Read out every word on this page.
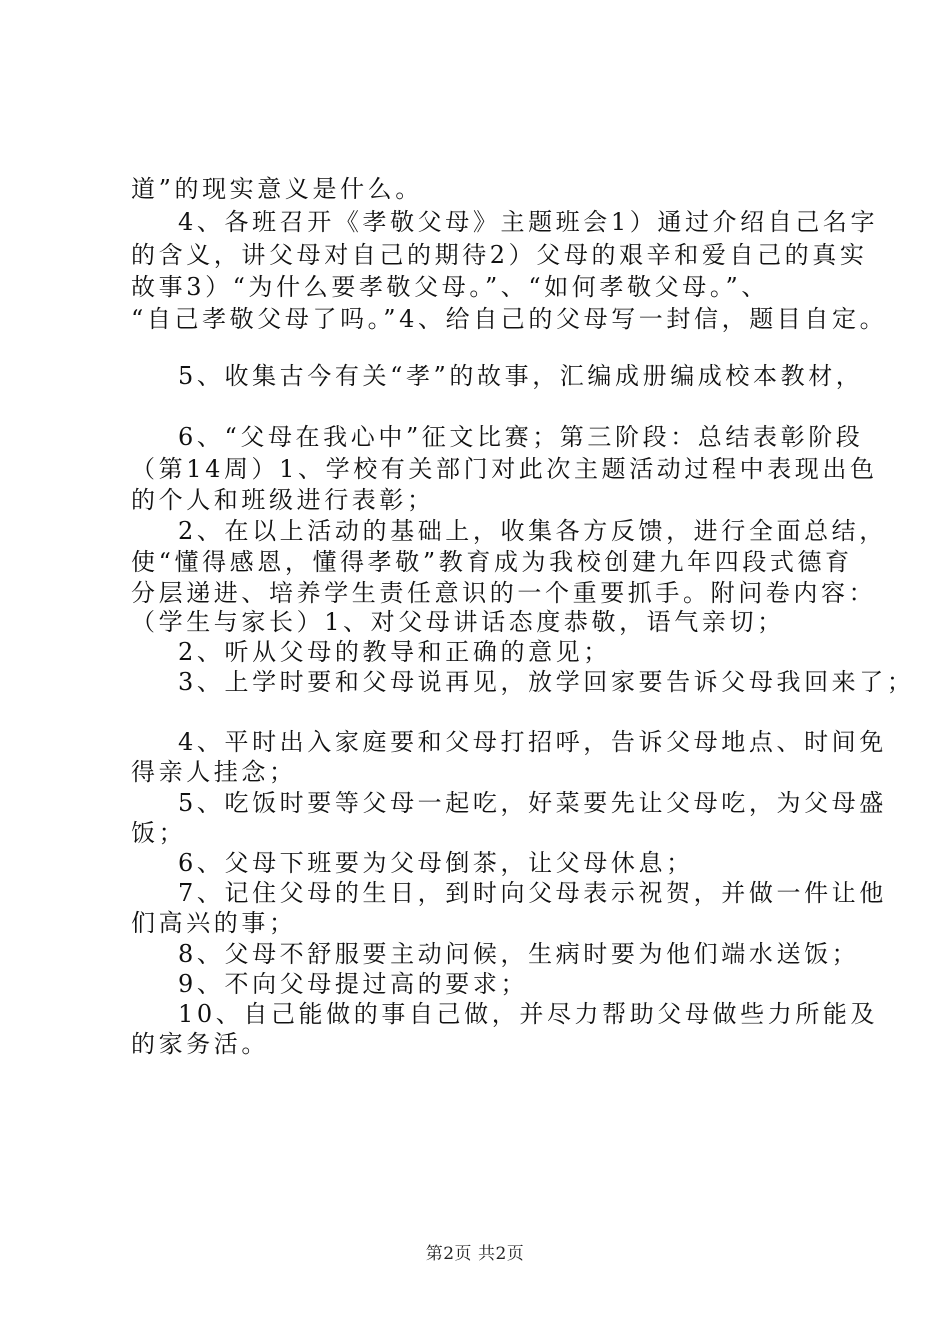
道”的现实意义是什么。
4、各班召开《孝敬父母》主题班会1）通过介绍自己名字
的含义，讲父母对自己的期待2）父母的艰辛和爱自己的真实
故事3）“为什么要孝敬父母。”、“如何孝敬父母。”、
“自己孝敬父母了吗。”4、给自己的父母写一封信，题目自定。
5、收集古今有关“孝”的故事，汇编成册编成校本教材，
6、“父母在我心中”征文比赛；第三阶段：总结表彰阶段
（第14周）1、学校有关部门对此次主题活动过程中表现出色
的个人和班级进行表彰；
2、在以上活动的基础上，收集各方反馈，进行全面总结，
使“懂得感恩，懂得孝敬”教育成为我校创建九年四段式德育
分层递进、培养学生责任意识的一个重要抓手。附问卷内容：
（学生与家长）1、对父母讲话态度恭敬，语气亲切；
2、听从父母的教导和正确的意见；
3、上学时要和父母说再见，放学回家要告诉父母我回来了；
4、平时出入家庭要和父母打招呼，告诉父母地点、时间免
得亲人挂念；
5、吃饭时要等父母一起吃，好菜要先让父母吃，为父母盛
饭；
6、父母下班要为父母倒茶，让父母休息；
7、记住父母的生日，到时向父母表示祝贺，并做一件让他
们高兴的事；
8、父母不舒服要主动问候，生病时要为他们端水送饭；
9、不向父母提过高的要求；
10、自己能做的事自己做，并尽力帮助父母做些力所能及
的家务活。
第2页 共2页
